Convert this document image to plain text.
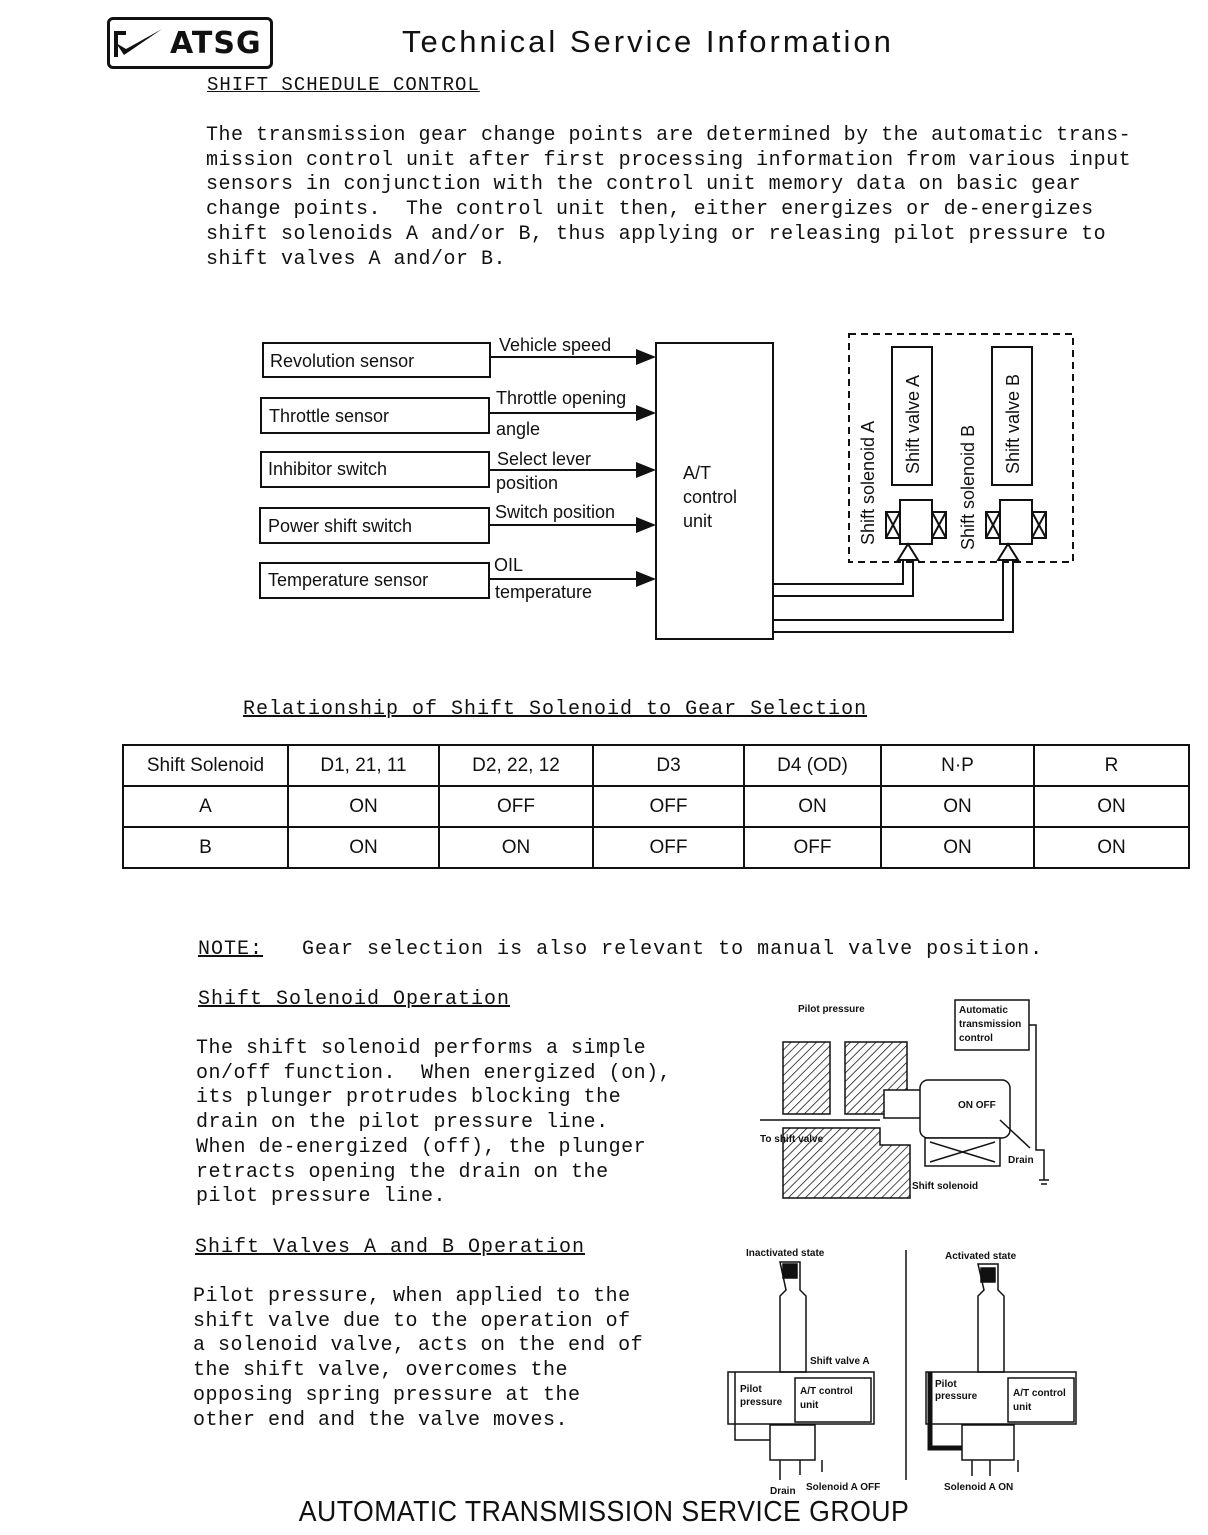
ATSG	Technical Service Information
SHIFT SCHEDULE CONTROL
The transmission gear change points are determined by the automatic trans-
mission control unit after first processing information from various input
sensors in conjunction with the control unit memory data on basic gear
change points.  The control unit then, either energizes or de-energizes
shift solenoids A and/or B, thus applying or releasing pilot pressure to
shift valves A and/or B.
Revolution sensor
Throttle sensor
Inhibitor switch
Power shift switch
Temperature sensor
Vehicle speed
Throttle opening
angle
Select lever
position
Switch position
OIL
temperature
A/T
control
unit	Shift solenoid A Shift valve A
Shift solenoid B
Shift valve B
Relationship of Shift Solenoid to Gear Selection
Shift Solenoid	D1, 21, 11	D2, 22, 12	D3	D4 (OD)	N·P	R
A	ON	OFF	OFF	ON	ON	ON
B	ON	ON	OFF	OFF	ON	ON
NOTE: Gear selection is also relevant to manual valve position.
Shift Solenoid Operation
The shift solenoid performs a simple
on/off function.  When energized (on),
its plunger protrudes blocking the
drain on the pilot pressure line.
When de-energized (off), the plunger
retracts opening the drain on the
pilot pressure line.
Pilot pressure	Automatic
transmission
control
ON OFF
To shift valve
Drain
Shift solenoid
Shift Valves A and B Operation
Pilot pressure, when applied to the
shift valve due to the operation of
a solenoid valve, acts on the end of
the shift valve, overcomes the
opposing spring pressure at the
other end and the valve moves.
Inactivated state	Activated state
Shift valve A
Pilot
pressure
A/T control
unit
Pilot
pressure	A/T control
unit
Drain Solenoid A OFF	Solenoid A ON
AUTOMATIC TRANSMISSION SERVICE GROUP
